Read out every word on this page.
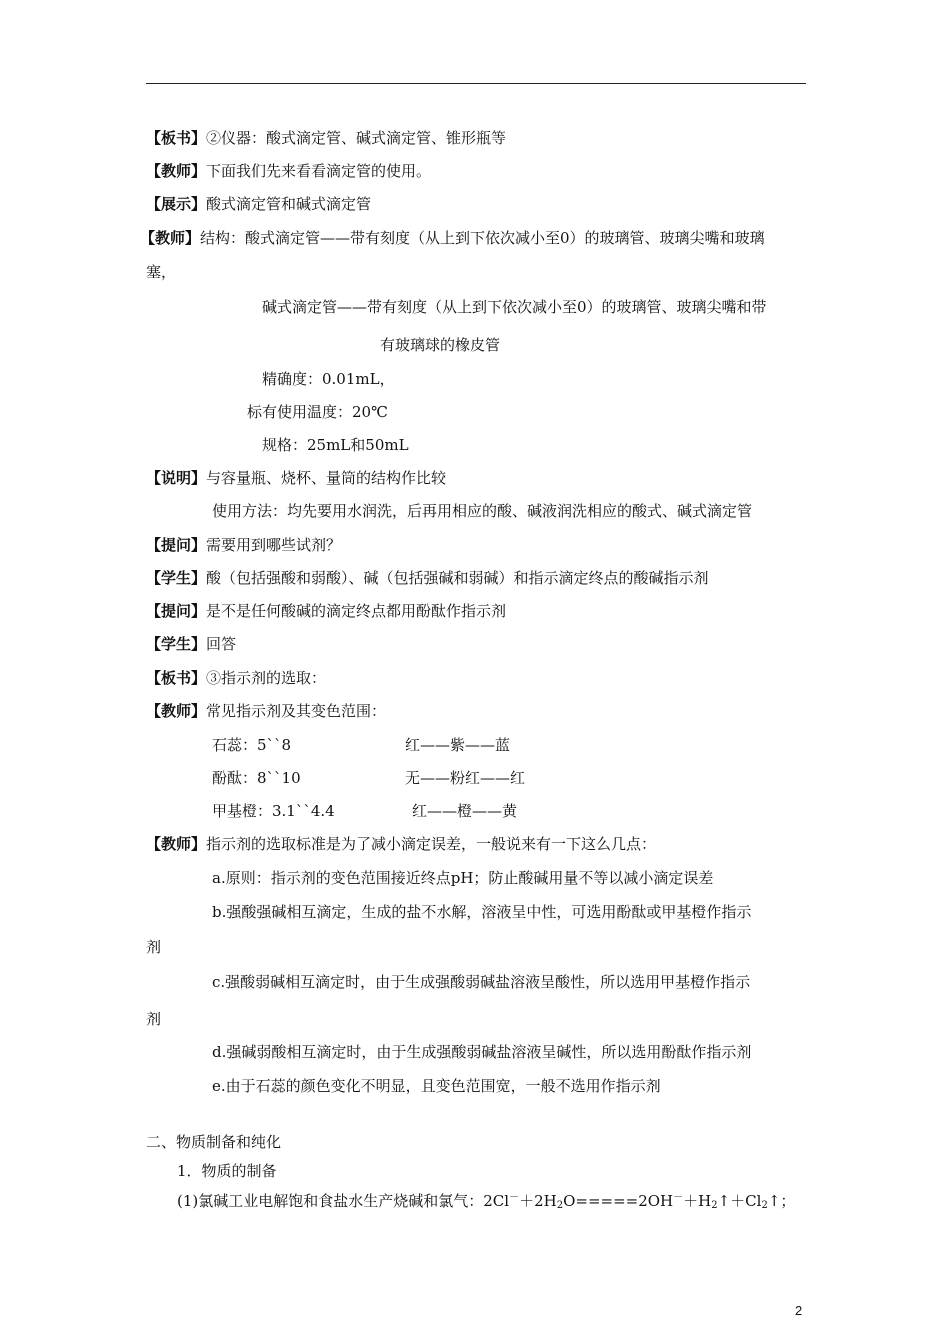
【板书】②仪器：酸式滴定管、碱式滴定管、锥形瓶等
【教师】下面我们先来看看滴定管的使用。
【展示】酸式滴定管和碱式滴定管
【教师】结构：酸式滴定管——带有刻度（从上到下依次减小至0）的玻璃管、玻璃尖嘴和玻璃
塞，
碱式滴定管——带有刻度（从上到下依次减小至0）的玻璃管、玻璃尖嘴和带
有玻璃球的橡皮管
精确度：0.01mL，
标有使用温度：20℃
规格：25mL和50mL
【说明】与容量瓶、烧杯、量筒的结构作比较
使用方法：均先要用水润洗，后再用相应的酸、碱液润洗相应的酸式、碱式滴定管
【提问】需要用到哪些试剂？
【学生】酸（包括强酸和弱酸）、碱（包括强碱和弱碱）和指示滴定终点的酸碱指示剂
【提问】是不是任何酸碱的滴定终点都用酚酞作指示剂
【学生】回答
【板书】③指示剂的选取：
【教师】常见指示剂及其变色范围：
石蕊：5``8	红——紫——蓝
酚酞：8``10	无——粉红——红
甲基橙：3.1``4.4	红——橙——黄
【教师】指示剂的选取标准是为了减小滴定误差，一般说来有一下这么几点：
a.原则：指示剂的变色范围接近终点pH；防止酸碱用量不等以减小滴定误差
b.强酸强碱相互滴定，生成的盐不水解，溶液呈中性，可选用酚酞或甲基橙作指示
剂
c.强酸弱碱相互滴定时，由于生成强酸弱碱盐溶液呈酸性，所以选用甲基橙作指示
剂
d.强碱弱酸相互滴定时，由于生成强酸弱碱盐溶液呈碱性，所以选用酚酞作指示剂
e.由于石蕊的颜色变化不明显，且变色范围宽，一般不选用作指示剂
二、物质制备和纯化
1．物质的制备
(1)氯碱工业电解饱和食盐水生产烧碱和氯气：$2Cl^-+2H_2O=====2OH^-+H_2↑+Cl_2↑$；
2
